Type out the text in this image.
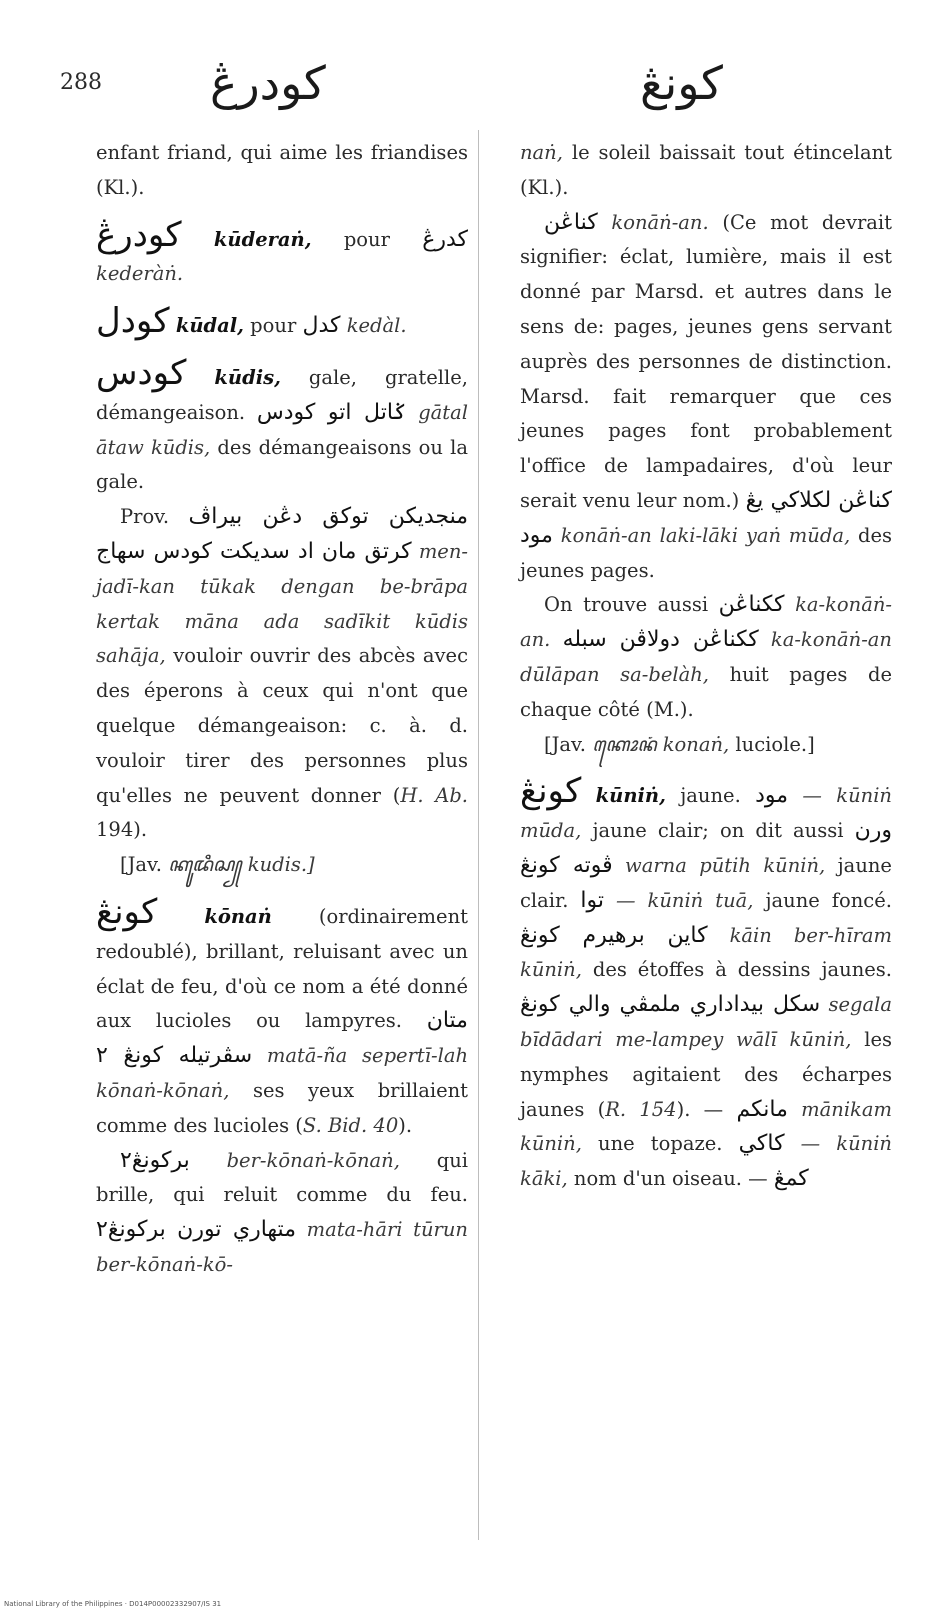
288 كودرڠ	كونڠ

enfant friand, qui aime les friandises (Kl.).

كودرڠ kūderaṅ, pour كدرڠ kederàṅ.

كودل kūdal, pour كدل kedàl.

كودس kūdis, gale, gratelle, démangeaison. ݢاتل اتو كودس gātal ātaw kūdis, des démangeaisons ou la gale.

Prov. منجديكن توكق دڠن بيراڤ كرتق مان اد سديكت كودس سهاج men-jadī-kan tūkak dengan be-brāpa kertak māna ada sadīkit kūdis sahāja, vouloir ouvrir des abcès avec des éperons à ceux qui n'ont que quelque démangeaison: c. à. d. vouloir tirer des personnes plus qu'elles ne peuvent donner (H. Ab. 194).

[Jav. ꦏꦸꦢꦶꦱ꧀ kudis.]

كونڠ kōnaṅ (ordinairement redoublé), brillant, reluisant avec un éclat de feu, d'où ce nom a été donné aux lucioles ou lampyres. متان سڤرتيله كونڠ ٢ matā-ña sepertī-lah kōnaṅ-kōnaṅ, ses yeux brillaient comme des lucioles (S. Bid. 40).

بركونڠ٢ ber-kōnaṅ-kōnaṅ, qui brille, qui reluit comme du feu. متهاري تورن بركونڠ٢ mata-hāri tūrun ber-kōnaṅ-kō-

naṅ, le soleil baissait tout étincelant (Kl.).

كناڠن konāṅ-an. (Ce mot devrait signifier: éclat, lumière, mais il est donné par Marsd. et autres dans le sens de: pages, jeunes gens servant auprès des personnes de distinction. Marsd. fait remarquer que ces jeunes pages font probablement l'office de lampadaires, d'où leur serait venu leur nom.) كناڠن لكلاكي يڠ مود konāṅ-an laki-lāki yaṅ mūda, des jeunes pages.

On trouve aussi ككناڠن ka-konāṅ-an. ككناڠن دولاڤن سبله ka-konāṅ-an dūlāpan sa-belàh, huit pages de chaque côté (M.).

[Jav. ꦏꦺꦴꦤꦁ konaṅ, luciole.]

كونڠ kūniṅ, jaune. مود — kūniṅ mūda, jaune clair; on dit aussi ورن ڤوته كونڠ warna pūtih kūniṅ, jaune clair. توا — kūniṅ tuā, jaune foncé. كاين برهيرم كونڠ kāin ber-hīram kūniṅ, des étoffes à dessins jaunes. سكل بيداداري ملمڤي والي كونڠ segala bīdādari me-lampey wālī kūniṅ, les nymphes agitaient des écharpes jaunes (R. 154). — مانكم mānikam kūniṅ, une topaze. كاكي — kūniṅ kāki, nom d'un oiseau. — كمڠ

National Library of the Philippines · D014P00002332907/IS 31
